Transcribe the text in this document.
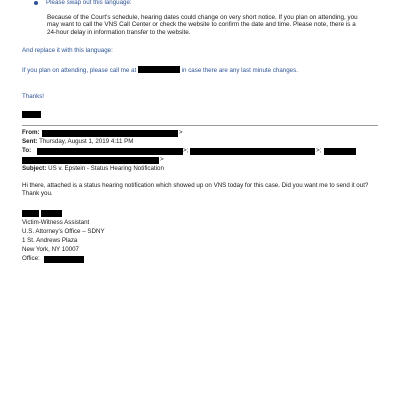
Please swap out this language:

Because of the Court's schedule, hearing dates could change on very short notice. If you plan on attending, you may want to call the VNS Call Center or check the website to confirm the date and time. Please note, there is a 24-hour delay in information transfer to the website.

And replace it with this language:

If you plan on attending, please call me at	in case there are any last minute changes.

Thanks!

From:	>
Sent: Thursday, August 1, 2019 4:11 PM
To:	>;	>;
>
Subject: US v. Epstein - Status Hearing Notification

Hi there, attached is a status hearing notification which showed up on VNS today for this case. Did you want me to send it out? Thank you.

Victim-Witness Assistant

U.S. Attorney's Office – SDNY

1 St. Andrews Plaza

New York, NY 10007

Office:
